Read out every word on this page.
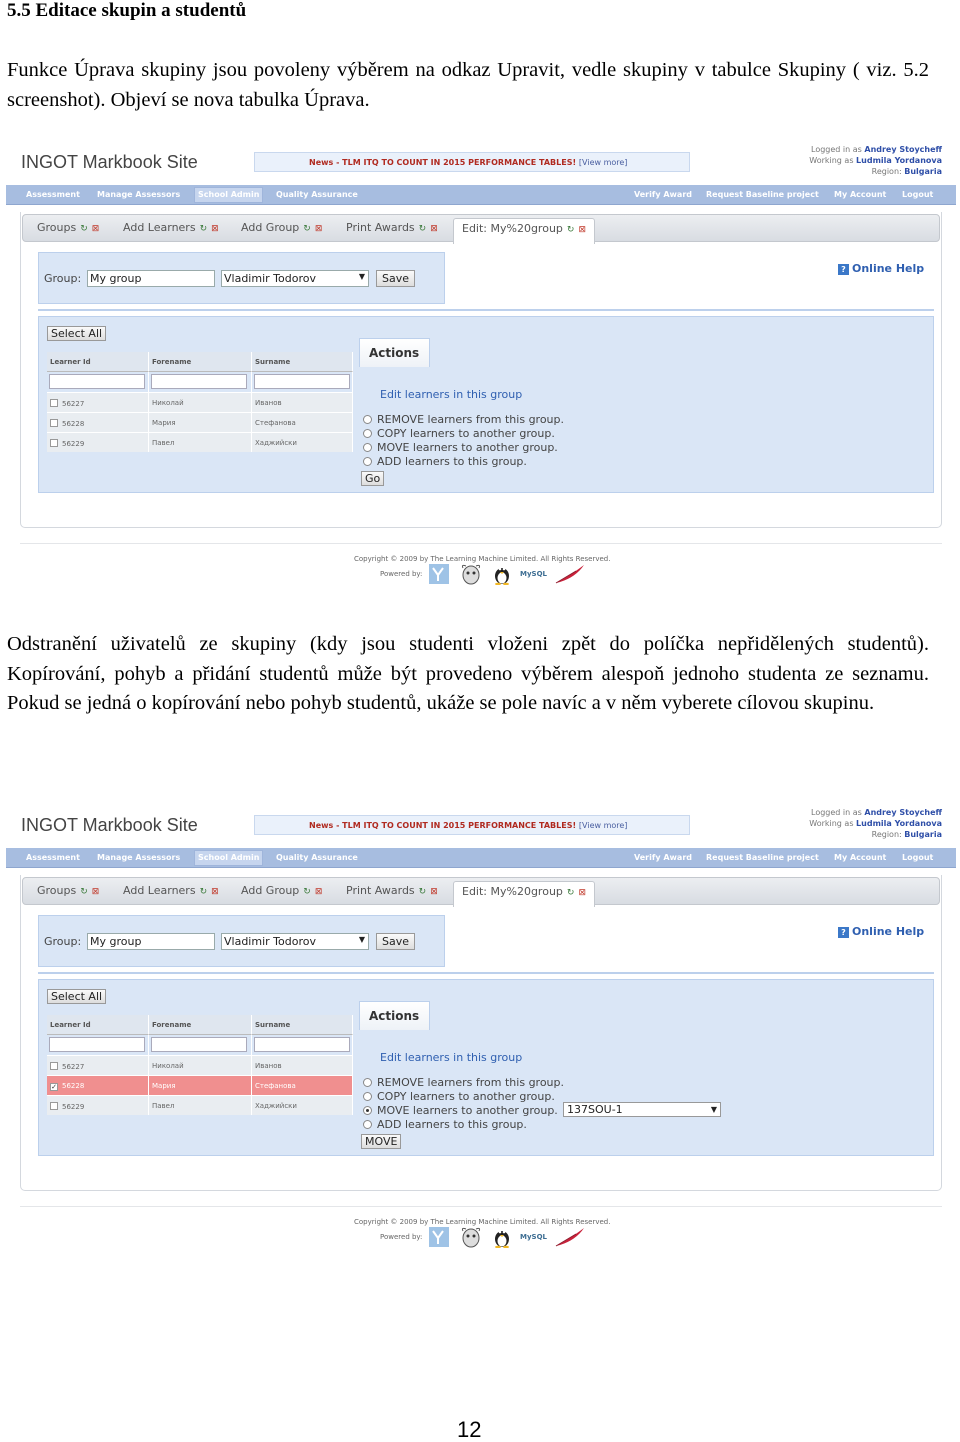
5.5 Editace skupin a studentů

Funkce Úprava skupiny jsou povoleny výběrem na odkaz Upravit, vedle skupiny v tabulce Skupiny ( viz. 5.2 screenshot). Objeví se nova tabulka Úprava.

INGOT Markbook Site	News - TLM ITQ TO COUNT IN 2015 PERFORMANCE TABLES! [View more]
Logged in as Andrey Stoycheff
Working as Ludmila Yordanova
Region: Bulgaria
Assessment Manage Assessors	School Admin	Quality Assurance	Verify Award Request Baseline project My Account Logout
Groups ↻ ⊠ Add Learners ↻ ⊠ Add Group ↻ ⊠ Print Awards ↻ ⊠	Edit: My%20group ↻ ⊠
? Online Help
Group: My group	Vladimir Todorov	▼	Save
Select All
Learner Id	Forename	Surname
56227	Николай	Иванов
56228	Мария	Стефанова
56229	Павел	Хаджийски
Actions
Edit learners in this group
REMOVE learners from this group.
COPY learners to another group.
MOVE learners to another group.
ADD learners to this group.
Go
Copyright © 2009 by The Learning Machine Limited. All Rights Reserved.
Powered by:	MySQL

Odstranění uživatelů ze skupiny (kdy jsou studenti vloženi zpět do políčka nepřidělených studentů). Kopírování, pohyb a přidání studentů může být provedeno výběrem alespoň jednoho studenta ze seznamu. Pokud se jedná o kopírování nebo pohyb studentů, ukáže se pole navíc a v něm vyberete cílovou skupinu.

INGOT Markbook Site	News - TLM ITQ TO COUNT IN 2015 PERFORMANCE TABLES! [View more]
Logged in as Andrey Stoycheff
Working as Ludmila Yordanova
Region: Bulgaria
Assessment Manage Assessors	School Admin	Quality Assurance	Verify Award Request Baseline project My Account Logout
Groups ↻ ⊠ Add Learners ↻ ⊠ Add Group ↻ ⊠ Print Awards ↻ ⊠	Edit: My%20group ↻ ⊠
? Online Help
Group: My group	Vladimir Todorov	▼	Save
Select All
Learner Id	Forename	Surname
56227	Николай	Иванов
✓ 56228	Мария	Стефанова
56229	Павел	Хаджийски
Actions
Edit learners in this group
REMOVE learners from this group.
COPY learners to another group.
MOVE learners to another group. 137SOU-1	▼
ADD learners to this group.
MOVE
Copyright © 2009 by The Learning Machine Limited. All Rights Reserved.
Powered by:	MySQL
12
